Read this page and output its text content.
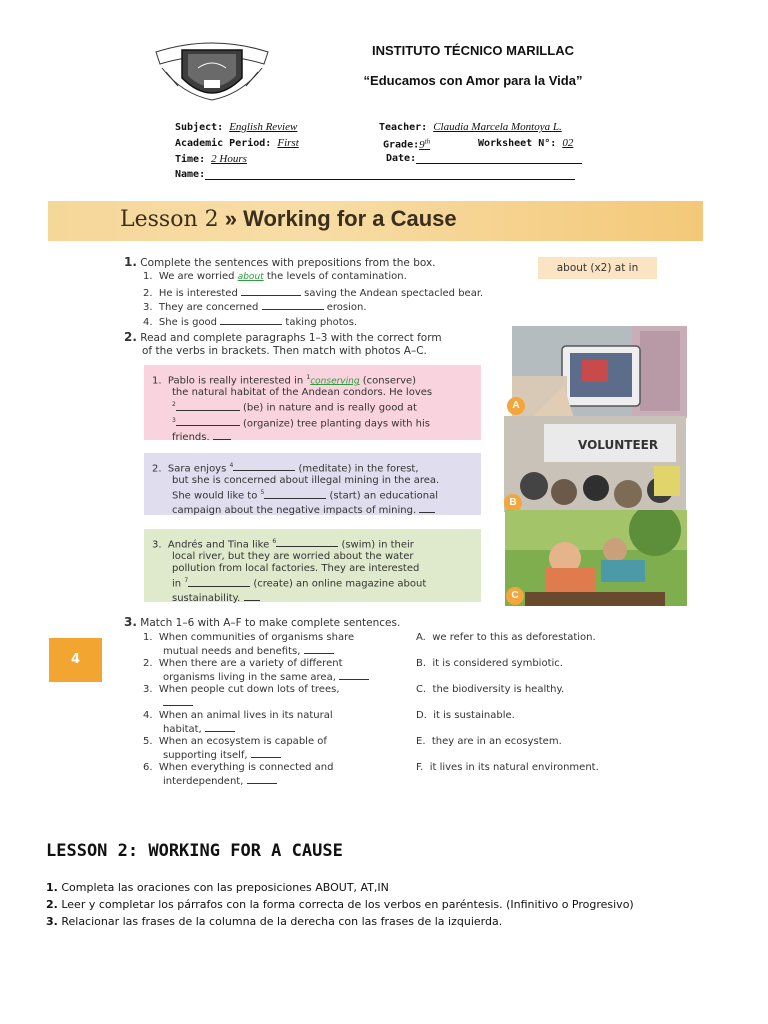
INSTITUTO TÉCNICO MARILLAC
“Educamos con Amor para la Vida”
Subject: English Review	Teacher: Claudia Marcela Montoya L.
Academic Period: First	Grade:9th	Worksheet N°: 02
Time: 2 Hours	Date:
Name:
Lesson 2 » Working for a Cause
1. Complete the sentences with prepositions from the box.	about (x2) at in
1. We are worried about the levels of contamination.
2. He is interested	saving the Andean spectacled bear.
3. They are concerned	erosion.
4. She is good	taking photos.
2. Read and complete paragraphs 1–3 with the correct form
of the verbs in brackets. Then match with photos A–C.
1. Pablo is really interested in $^1$conserving (conserve)
the natural habitat of the Andean condors. He loves
$^2$	(be) in nature and is really good at
$^3$	(organize) tree planting days with his
friends.
2. Sara enjoys $^4$	(meditate) in the forest,
but she is concerned about illegal mining in the area.
She would like to $^5$	(start) an educational
campaign about the negative impacts of mining.
3. Andrés and Tina like $^6$	(swim) in their
local river, but they are worried about the water
pollution from local factories. They are interested
in $^7$	(create) an online magazine about
sustainability.
A
VOLUNTEER
B
C
4
3. Match 1–6 with A–F to make complete sentences.
1. When communities of organisms share
mutual needs and benefits,
2. When there are a variety of different
organisms living in the same area,
3. When people cut down lots of trees,
4. When an animal lives in its natural
habitat,
5. When an ecosystem is capable of
supporting itself,
6. When everything is connected and
interdependent,
A. we refer to this as deforestation.
B. it is considered symbiotic.
C. the biodiversity is healthy.
D. it is sustainable.
E. they are in an ecosystem.
F. it lives in its natural environment.
LESSON 2: WORKING FOR A CAUSE
1. Completa las oraciones con las preposiciones ABOUT, AT,IN
2. Leer y completar los párrafos con la forma correcta de los verbos en paréntesis. (Infinitivo o Progresivo)
3. Relacionar las frases de la columna de la derecha con las frases de la izquierda.
